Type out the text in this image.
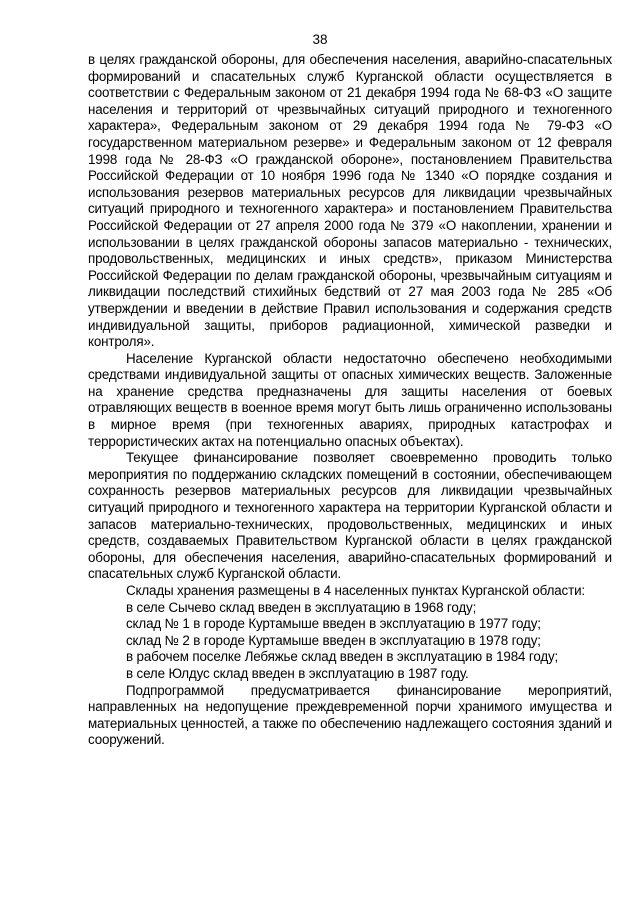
38

в целях гражданской обороны, для обеспечения населения, аварийно-спасательных формирований и спасательных служб Курганской области осуществляется в соответствии с Федеральным законом от 21 декабря 1994 года № 68-ФЗ «О защите населения и территорий от чрезвычайных ситуаций природного и техногенного характера», Федеральным законом от 29 декабря 1994 года № 79-ФЗ «О государственном материальном резерве» и Федеральным законом от 12 февраля 1998 года № 28-ФЗ «О гражданской обороне», постановлением Правительства Российской Федерации от 10 ноября 1996 года № 1340 «О порядке создания и использования резервов материальных ресурсов для ликвидации чрезвычайных ситуаций природного и техногенного характера» и постановлением Правительства Российской Федерации от 27 апреля 2000 года № 379 «О накоплении, хранении и использовании в целях гражданской обороны запасов материально - технических, продовольственных, медицинских и иных средств», приказом Министерства Российской Федерации по делам гражданской обороны, чрезвычайным ситуациям и ликвидации последствий стихийных бедствий от 27 мая 2003 года № 285 «Об утверждении и введении в действие Правил использования и содержания средств индивидуальной защиты, приборов радиационной, химической разведки и контроля».

Население Курганской области недостаточно обеспечено необходимыми средствами индивидуальной защиты от опасных химических веществ. Заложенные на хранение средства предназначены для защиты населения от боевых отравляющих веществ в военное время могут быть лишь ограниченно использованы в мирное время (при техногенных авариях, природных катастрофах и террористических актах на потенциально опасных объектах).

Текущее финансирование позволяет своевременно проводить только мероприятия по поддержанию складских помещений в состоянии, обеспечивающем сохранность резервов материальных ресурсов для ликвидации чрезвычайных ситуаций природного и техногенного характера на территории Курганской области и запасов материально-технических, продовольственных, медицинских и иных средств, создаваемых Правительством Курганской области в целях гражданской обороны, для обеспечения населения, аварийно-спасательных формирований и спасательных служб Курганской области.

Склады хранения размещены в 4 населенных пунктах Курганской области:
в селе Сычево склад введен в эксплуатацию в 1968 году;
склад № 1 в городе Куртамыше введен в эксплуатацию в 1977 году;
склад № 2 в городе Куртамыше введен в эксплуатацию в 1978 году;
в рабочем поселке Лебяжье склад введен в эксплуатацию в 1984 году;
в селе Юлдус склад введен в эксплуатацию в 1987 году.

Подпрограммой предусматривается финансирование мероприятий, направленных на недопущение преждевременной порчи хранимого имущества и материальных ценностей, а также по обеспечению надлежащего состояния зданий и сооружений.
